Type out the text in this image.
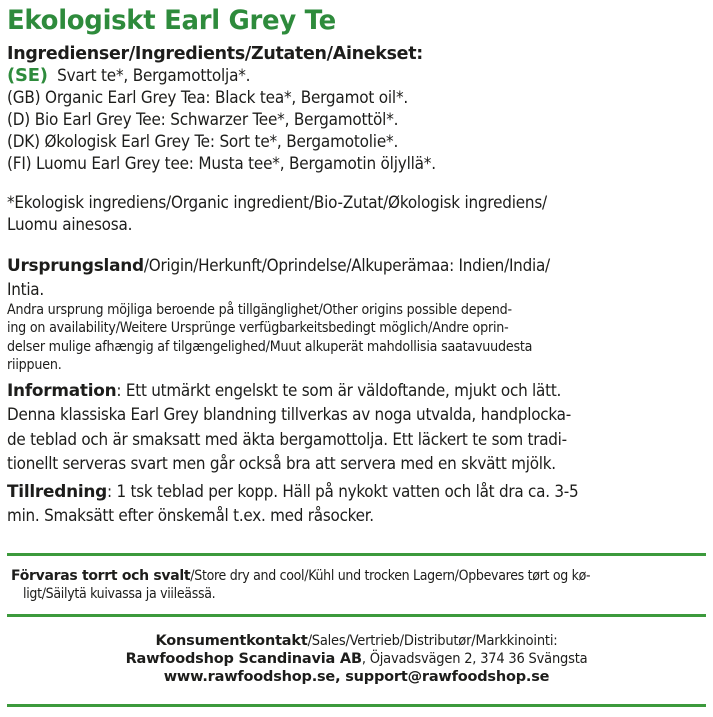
Ekologiskt Earl Grey Te
Ingredienser/Ingredients/Zutaten/Ainekset:
(SE) Svart te*, Bergamottolja*.
(GB) Organic Earl Grey Tea: Black tea*, Bergamot oil*.
(D) Bio Earl Grey Tee: Schwarzer Tee*, Bergamottöl*.
(DK) Økologisk Earl Grey Te: Sort te*, Bergamotolie*.
(FI) Luomu Earl Grey tee: Musta tee*, Bergamotin öljyllä*.
*Ekologisk ingrediens/Organic ingredient/Bio-Zutat/Økologisk ingrediens/
Luomu ainesosa.
Ursprungsland/Origin/Herkunft/Oprindelse/Alkuperämaa: Indien/India/
Intia.
Andra ursprung möjliga beroende på tillgänglighet/Other origins possible depend-
ing on availability/Weitere Ursprünge verfügbarkeitsbedingt möglich/Andre oprin-
delser mulige afhængig af tilgængelighed/Muut alkuperät mahdollisia saatavuudesta
riippuen.
Information: Ett utmärkt engelskt te som är väldoftande, mjukt och lätt.
Denna klassiska Earl Grey blandning tillverkas av noga utvalda, handplocka-
de teblad och är smaksatt med äkta bergamottolja. Ett läckert te som tradi-
tionellt serveras svart men går också bra att servera med en skvätt mjölk.
Tillredning: 1 tsk teblad per kopp. Häll på nykokt vatten och låt dra ca. 3-5
min. Smaksätt efter önskemål t.ex. med råsocker.
Förvaras torrt och svalt/Store dry and cool/Kühl und trocken Lagern/Opbevares tørt og kø-
ligt/Säilytä kuivassa ja viileässä.
Konsumentkontakt/Sales/Vertrieb/Distributør/Markkinointi:
Rawfoodshop Scandinavia AB, Öjavadsvägen 2, 374 36 Svängsta
www.rawfoodshop.se, support@rawfoodshop.se
